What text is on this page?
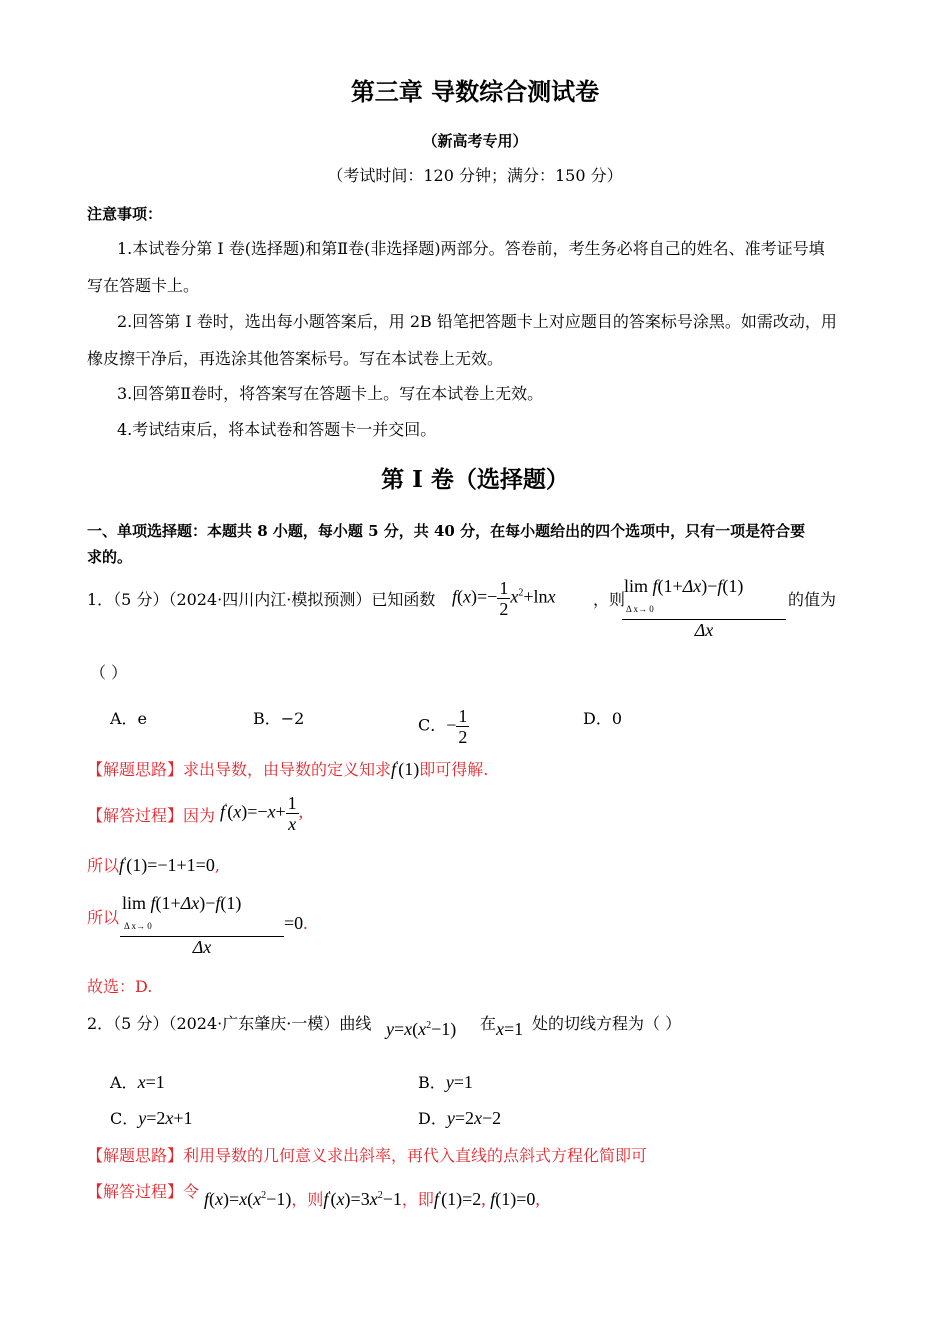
第三章 导数综合测试卷
（新高考专用）
（考试时间：120 分钟；满分：150 分）
注意事项：
1.本试卷分第 I 卷(选择题)和第Ⅱ卷(非选择题)两部分。答卷前，考生务必将自己的姓名、准考证号填
写在答题卡上。
2.回答第 I 卷时，选出每小题答案后，用 2B 铅笔把答题卡上对应题目的答案标号涂黑。如需改动，用
橡皮擦干净后，再选涂其他答案标号。写在本试卷上无效。
3.回答第Ⅱ卷时，将答案写在答题卡上。写在本试卷上无效。
4.考试结束后，将本试卷和答题卡一并交回。
第 I 卷（选择题）
一、单项选择题：本题共 8 小题，每小题 5 分，共 40 分，在每小题给出的四个选项中，只有一项是符合要
求的。
1．（5 分）（2024·四川内江·模拟预测）已知函数 $f(x)=- \frac{1}{2} x^2+\ln x$ ，则
lim f(1+Δx)−f(1)
Δ x→ 0
Δx
的值为
（ ）
A．e	B．−2	C．− $\frac{1}{2}$	D．0
【解题思路】求出导数，由导数的定义知求f′(1)即可得解.
【解答过程】因为 $f'(x)=-x+ \frac{1}{x}$ ,
所以f′(1)=−1+1=0,
所以
lim f(1+Δx)−f(1)
Δ x→ 0
Δx
=0.
故选：D.
2．（5 分）（2024·广东肇庆·一模）曲线 $y=x(x^2-1)$ 在 x=1 处的切线方程为（ ）
A．x=1	B．y=1
C．y=2x+1	D．y=2x−2
【解题思路】利用导数的几何意义求出斜率，再代入直线的点斜式方程化简即可
【解答过程】令 $f(x)=x(x^2-1)$，则$f'(x)=3x^2-1$，即f′(1)=2, f(1)=0,
